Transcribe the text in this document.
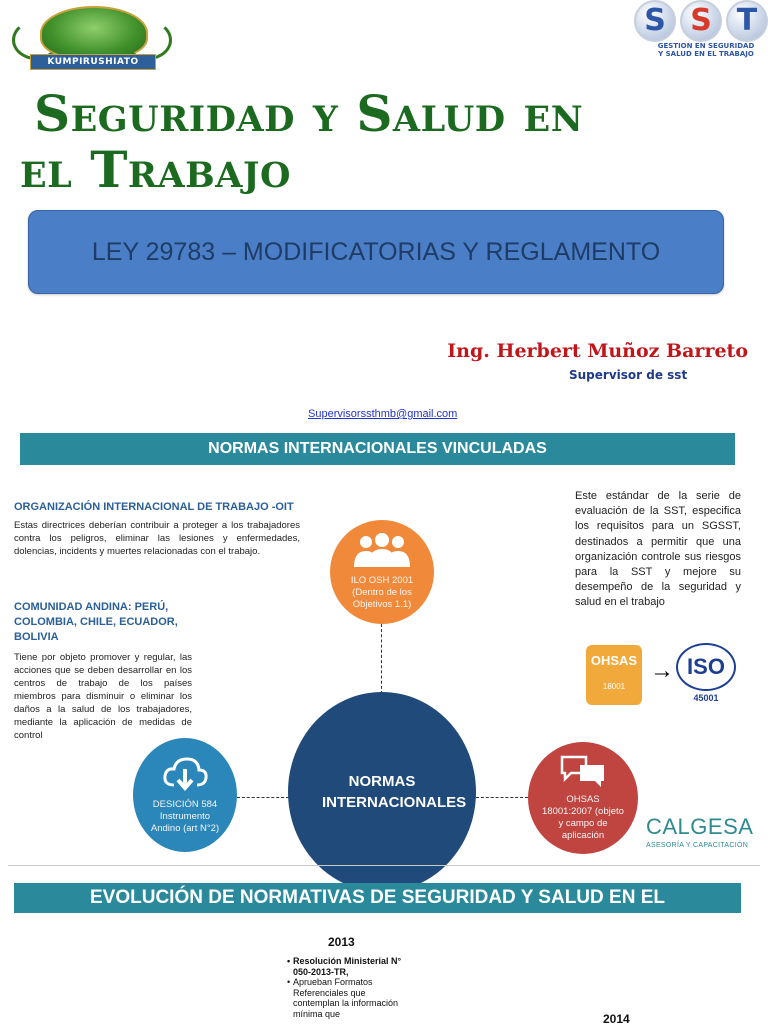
KUMPIRUSHIATO
S S T
GESTION EN SEGURIDAD Y SALUD EN EL TRABAJO
Seguridad y Salud en
el Trabajo
LEY 29783 – MODIFICATORIAS Y REGLAMENTO
Ing. Herbert Muñoz Barreto
Supervisor de sst
Supervisorssthmb@gmail.com
NORMAS INTERNACIONALES VINCULADAS
ORGANIZACIÓN INTERNACIONAL DE TRABAJO -OIT
Estas directrices deberían contribuir a proteger a los trabajadores contra los peligros, eliminar las lesiones y enfermedades, dolencias, incidents y muertes relacionadas con el trabajo.
COMUNIDAD ANDINA: PERÚ, COLOMBIA, CHILE, ECUADOR, BOLIVIA
Tiene por objeto promover y regular, las acciones que se deben desarrollar en los centros de trabajo de los países miembros para disminuir o eliminar los daños a la salud de los trabajadores, mediante la aplicación de medidas de control
Este estándar de la serie de evaluación de la SST, especifica los requisitos para un SGSST, destinados a permitir que una organización controle sus riesgos para la SST y mejore su desempeño de la seguridad y salud en el trabajo
ILO OSH 2001 (Dentro de los Objetivos 1.1)
DESICIÓN 584 Instrumento Andino (art N°2)
OHSAS 18001:2007 (objeto y campo de aplicación
NORMAS INTERNACIONALES
OHSAS
18001
→ ISO
45001
CALGESA
ASESORÍA Y CAPACITACIÓN
EVOLUCIÓN DE NORMATIVAS DE SEGURIDAD Y SALUD EN EL
2013
• Resolución Ministerial N° 050-2013-TR,
• Aprueban Formatos Referenciales que contemplan la información mínima que	2014
